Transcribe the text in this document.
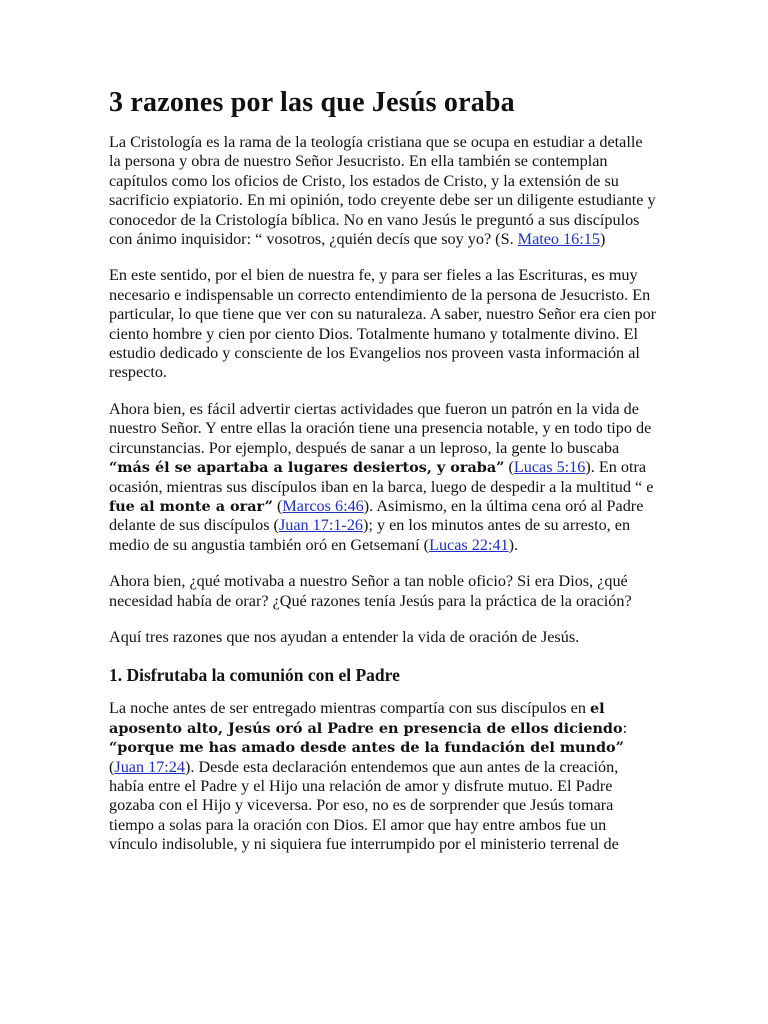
3 razones por las que Jesús oraba

La Cristología es la rama de la teología cristiana que se ocupa en estudiar a detalle la persona y obra de nuestro Señor Jesucristo. En ella también se contemplan capítulos como los oficios de Cristo, los estados de Cristo, y la extensión de su sacrificio expiatorio. En mi opinión, todo creyente debe ser un diligente estudiante y conocedor de la Cristología bíblica. No en vano Jesús le preguntó a sus discípulos con ánimo inquisidor: “ vosotros, ¿quién decís que soy yo? (S. Mateo 16:15)

En este sentido, por el bien de nuestra fe, y para ser fieles a las Escrituras, es muy necesario e indispensable un correcto entendimiento de la persona de Jesucristo. En particular, lo que tiene que ver con su naturaleza. A saber, nuestro Señor era cien por ciento hombre y cien por ciento Dios. Totalmente humano y totalmente divino. El estudio dedicado y consciente de los Evangelios nos proveen vasta información al respecto.

Ahora bien, es fácil advertir ciertas actividades que fueron un patrón en la vida de nuestro Señor. Y entre ellas la oración tiene una presencia notable, y en todo tipo de circunstancias. Por ejemplo, después de sanar a un leproso, la gente lo buscaba “más él se apartaba a lugares desiertos, y oraba” (Lucas 5:16). En otra ocasión, mientras sus discípulos iban en la barca, luego de despedir a la multitud “ e fue al monte a orar” (Marcos 6:46). Asimismo, en la última cena oró al Padre delante de sus discípulos (Juan 17:1-26); y en los minutos antes de su arresto, en medio de su angustia también oró en Getsemaní (Lucas 22:41).

Ahora bien, ¿qué motivaba a nuestro Señor a tan noble oficio? Si era Dios, ¿qué necesidad había de orar? ¿Qué razones tenía Jesús para la práctica de la oración?

Aquí tres razones que nos ayudan a entender la vida de oración de Jesús.

1. Disfrutaba la comunión con el Padre

La noche antes de ser entregado mientras compartía con sus discípulos en el aposento alto, Jesús oró al Padre en presencia de ellos diciendo: “porque me has amado desde antes de la fundación del mundo” (Juan 17:24). Desde esta declaración entendemos que aun antes de la creación, había entre el Padre y el Hijo una relación de amor y disfrute mutuo. El Padre gozaba con el Hijo y viceversa. Por eso, no es de sorprender que Jesús tomara tiempo a solas para la oración con Dios. El amor que hay entre ambos fue un vínculo indisoluble, y ni siquiera fue interrumpido por el ministerio terrenal de
